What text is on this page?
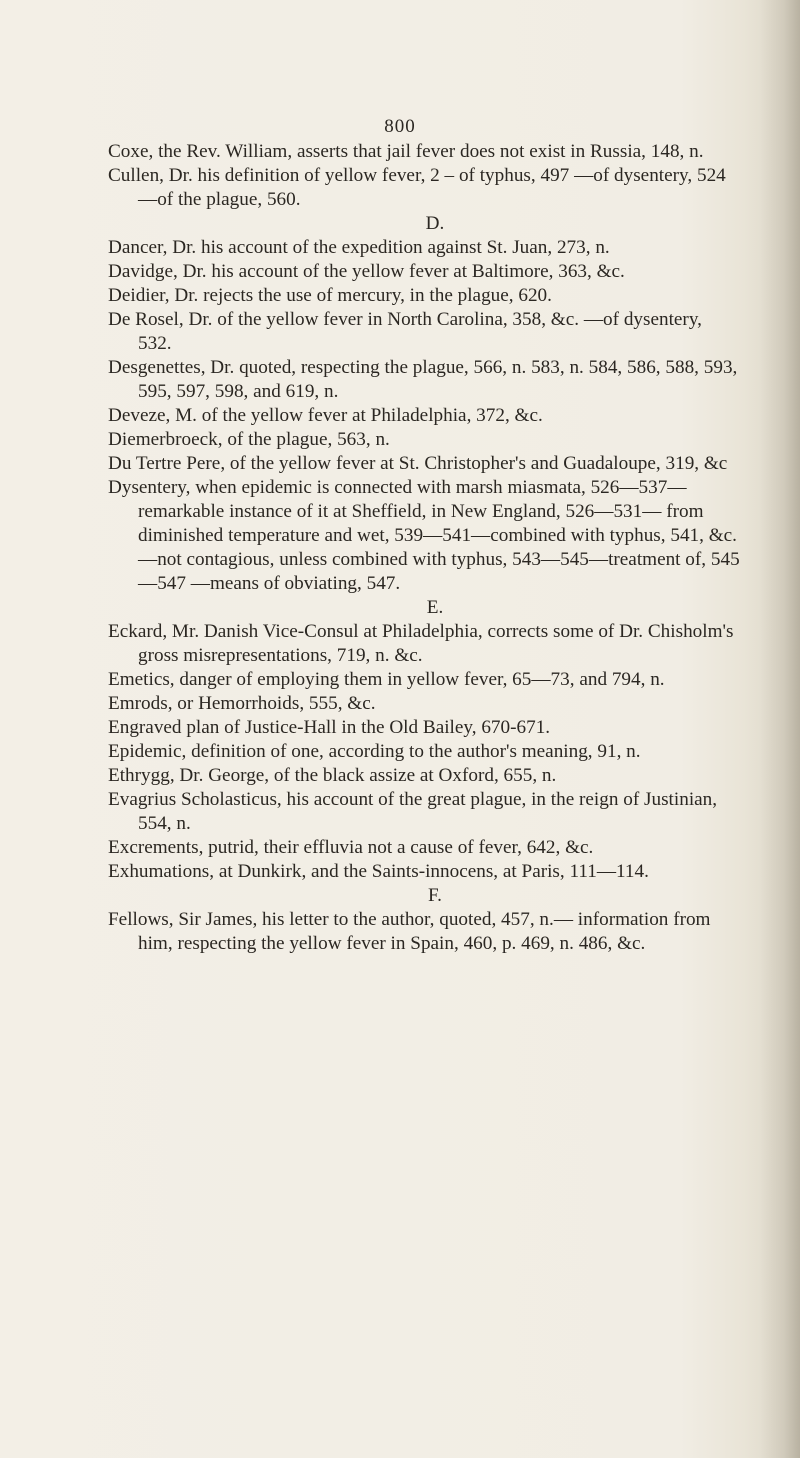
800

Coxe, the Rev. William, asserts that jail fever does not exist in Russia, 148, n.

Cullen, Dr. his definition of yellow fever, 2 – of typhus, 497 —of dysentery, 524—of the plague, 560.

D.

Dancer, Dr. his account of the expedition against St. Juan, 273, n.

Davidge, Dr. his account of the yellow fever at Baltimore, 363, &c.

Deidier, Dr. rejects the use of mercury, in the plague, 620.

De Rosel, Dr. of the yellow fever in North Carolina, 358, &c. —of dysentery, 532.

Desgenettes, Dr. quoted, respecting the plague, 566, n. 583, n. 584, 586, 588, 593, 595, 597, 598, and 619, n.

Deveze, M. of the yellow fever at Philadelphia, 372, &c.

Diemerbroeck, of the plague, 563, n.

Du Tertre Pere, of the yellow fever at St. Christopher's and Guadaloupe, 319, &c

Dysentery, when epidemic is connected with marsh miasmata, 526—537—remarkable instance of it at Sheffield, in New England, 526—531— from diminished temperature and wet, 539—541—combined with typhus, 541, &c.—not contagious, unless combined with typhus, 543—545—treatment of, 545—547 —means of obviating, 547.

E.

Eckard, Mr. Danish Vice-Consul at Philadelphia, corrects some of Dr. Chisholm's gross misrepresentations, 719, n. &c.

Emetics, danger of employing them in yellow fever, 65—73, and 794, n.

Emrods, or Hemorrhoids, 555, &c.

Engraved plan of Justice-Hall in the Old Bailey, 670-671.

Epidemic, definition of one, according to the author's meaning, 91, n.

Ethrygg, Dr. George, of the black assize at Oxford, 655, n.

Evagrius Scholasticus, his account of the great plague, in the reign of Justinian, 554, n.

Excrements, putrid, their effluvia not a cause of fever, 642, &c.

Exhumations, at Dunkirk, and the Saints-innocens, at Paris, 111—114.

F.

Fellows, Sir James, his letter to the author, quoted, 457, n.— information from him, respecting the yellow fever in Spain, 460, p. 469, n. 486, &c.
